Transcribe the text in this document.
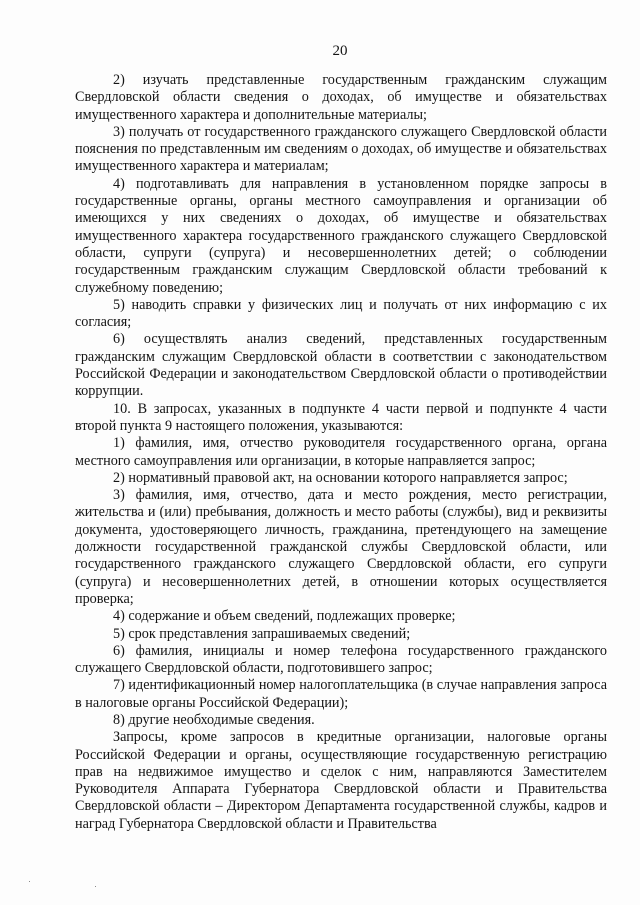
20

2) изучать представленные государственным гражданским служащим Свердловской области сведения о доходах, об имуществе и обязательствах имущественного характера и дополнительные материалы;

3) получать от государственного гражданского служащего Свердловской области пояснения по представленным им сведениям о доходах, об имуществе и обязательствах имущественного характера и материалам;

4) подготавливать для направления в установленном порядке запросы в государственные органы, органы местного самоуправления и организации об имеющихся у них сведениях о доходах, об имуществе и обязательствах имущественного характера государственного гражданского служащего Свердловской области, супруги (супруга) и несовершеннолетних детей; о соблюдении государственным гражданским служащим Свердловской области требований к служебному поведению;

5) наводить справки у физических лиц и получать от них информацию с их согласия;

6) осуществлять анализ сведений, представленных государственным гражданским служащим Свердловской области в соответствии с законодательством Российской Федерации и законодательством Свердловской области о противодействии коррупции.

10. В запросах, указанных в подпункте 4 части первой и подпункте 4 части второй пункта 9 настоящего положения, указываются:

1) фамилия, имя, отчество руководителя государственного органа, органа местного самоуправления или организации, в которые направляется запрос;

2) нормативный правовой акт, на основании которого направляется запрос;

3) фамилия, имя, отчество, дата и место рождения, место регистрации, жительства и (или) пребывания, должность и место работы (службы), вид и реквизиты документа, удостоверяющего личность, гражданина, претендующего на замещение должности государственной гражданской службы Свердловской области, или государственного гражданского служащего Свердловской области, его супруги (супруга) и несовершеннолетних детей, в отношении которых осуществляется проверка;

4) содержание и объем сведений, подлежащих проверке;

5) срок представления запрашиваемых сведений;

6) фамилия, инициалы и номер телефона государственного гражданского служащего Свердловской области, подготовившего запрос;

7) идентификационный номер налогоплательщика (в случае направления запроса в налоговые органы Российской Федерации);

8) другие необходимые сведения.

Запросы, кроме запросов в кредитные организации, налоговые органы Российской Федерации и органы, осуществляющие государственную регистрацию прав на недвижимое имущество и сделок с ним, направляются Заместителем Руководителя Аппарата Губернатора Свердловской области и Правительства Свердловской области – Директором Департамента государственной службы, кадров и наград Губернатора Свердловской области и Правительства
